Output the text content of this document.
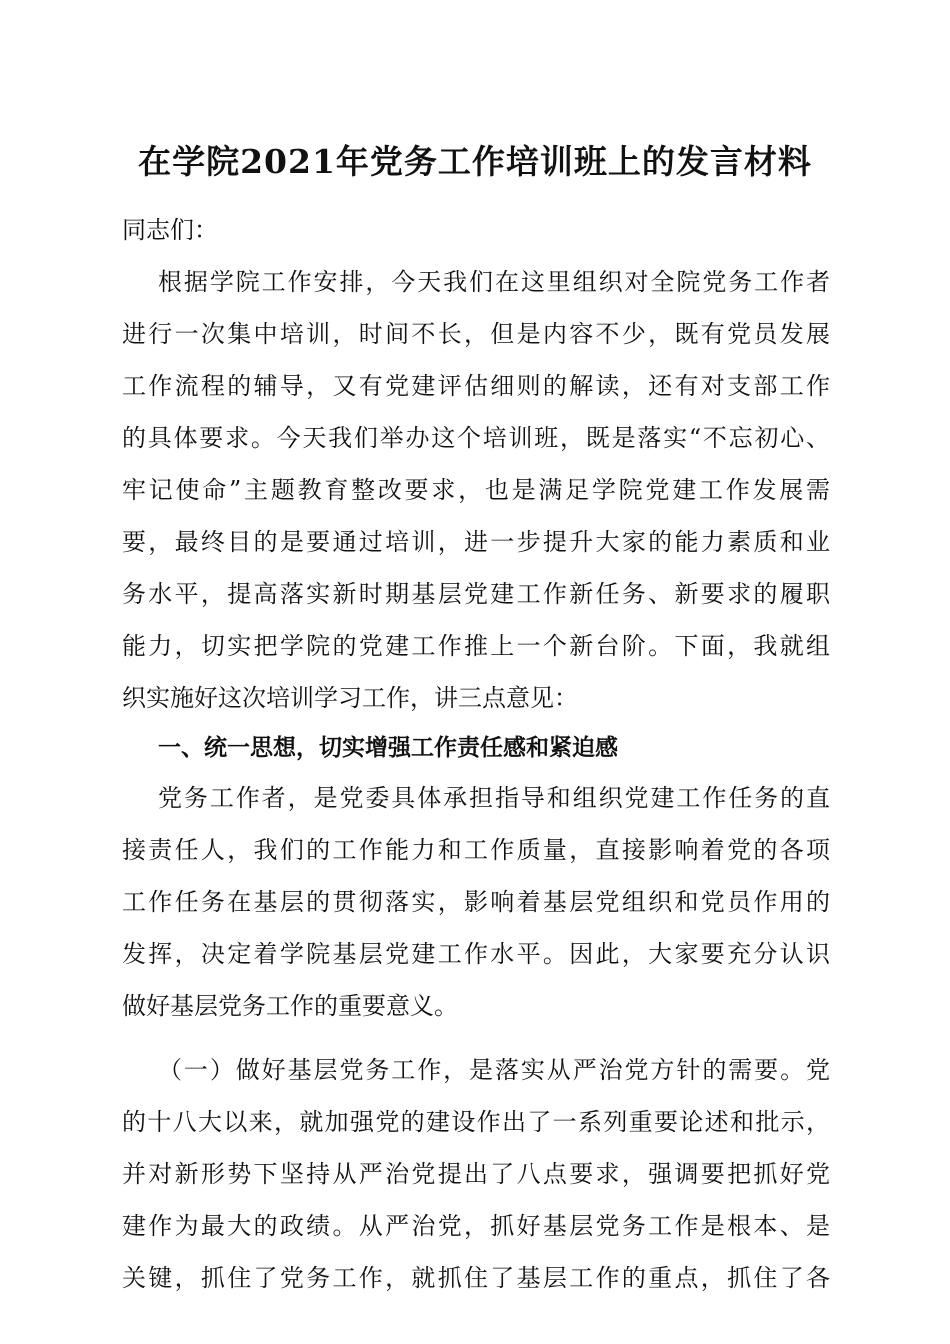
在学院2021年党务工作培训班上的发言材料
同志们：
根据学院工作安排，今天我们在这里组织对全院党务工作者
进行一次集中培训，时间不长，但是内容不少，既有党员发展
工作流程的辅导，又有党建评估细则的解读，还有对支部工作
的具体要求。今天我们举办这个培训班，既是落实“不忘初心、
牢记使命”主题教育整改要求，也是满足学院党建工作发展需
要，最终目的是要通过培训，进一步提升大家的能力素质和业
务水平，提高落实新时期基层党建工作新任务、新要求的履职
能力，切实把学院的党建工作推上一个新台阶。下面，我就组
织实施好这次培训学习工作，讲三点意见：
一、统一思想，切实增强工作责任感和紧迫感
党务工作者，是党委具体承担指导和组织党建工作任务的直
接责任人，我们的工作能力和工作质量，直接影响着党的各项
工作任务在基层的贯彻落实，影响着基层党组织和党员作用的
发挥，决定着学院基层党建工作水平。因此，大家要充分认识
做好基层党务工作的重要意义。
（一）做好基层党务工作，是落实从严治党方针的需要。党
的十八大以来，就加强党的建设作出了一系列重要论述和批示，
并对新形势下坚持从严治党提出了八点要求，强调要把抓好党
建作为最大的政绩。从严治党，抓好基层党务工作是根本、是
关键，抓住了党务工作，就抓住了基层工作的重点，抓住了各
